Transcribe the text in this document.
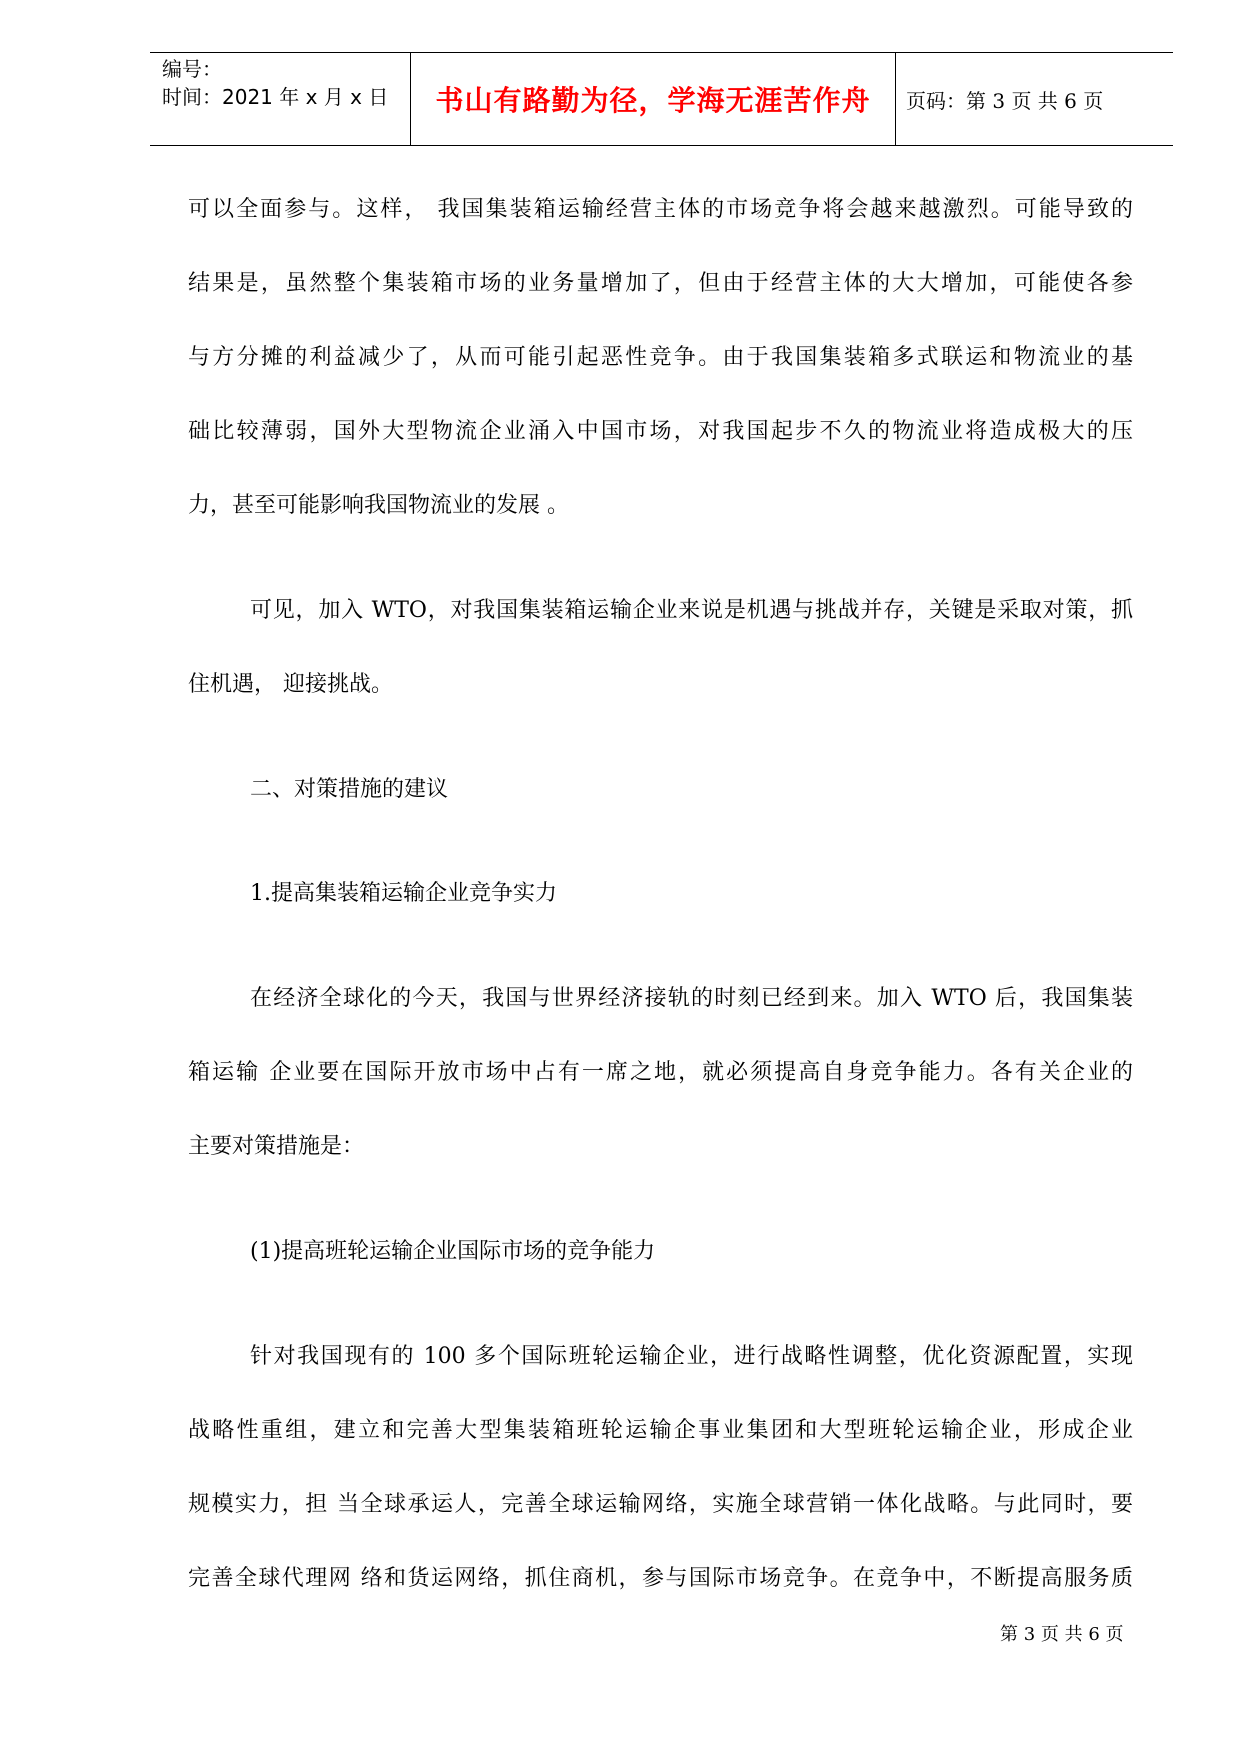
编号：
时间：2021 年 x 月 x 日	书山有路勤为径，学海无涯苦作舟	页码：第 3 页 共 6 页
可以全面参与。这样， 我国集装箱运输经营主体的市场竞争将会越来越激烈。可能导致的
结果是，虽然整个集装箱市场的业务量增加了，但由于经营主体的大大增加，可能使各参
与方分摊的利益减少了，从而可能引起恶性竞争。由于我国集装箱多式联运和物流业的基
础比较薄弱，国外大型物流企业涌入中国市场，对我国起步不久的物流业将造成极大的压
力，甚至可能影响我国物流业的发展 。
可见，加入 WTO，对我国集装箱运输企业来说是机遇与挑战并存，关键是采取对策，抓
住机遇， 迎接挑战。
二、对策措施的建议
1.提高集装箱运输企业竞争实力
在经济全球化的今天，我国与世界经济接轨的时刻已经到来。加入 WTO 后，我国集装
箱运输 企业要在国际开放市场中占有一席之地，就必须提高自身竞争能力。各有关企业的
主要对策措施是：
(1)提高班轮运输企业国际市场的竞争能力
针对我国现有的 100 多个国际班轮运输企业，进行战略性调整，优化资源配置，实现
战略性重组，建立和完善大型集装箱班轮运输企事业集团和大型班轮运输企业，形成企业
规模实力，担 当全球承运人，完善全球运输网络，实施全球营销一体化战略。与此同时，要
完善全球代理网 络和货运网络，抓住商机，参与国际市场竞争。在竞争中，不断提高服务质
第 3 页 共 6 页
